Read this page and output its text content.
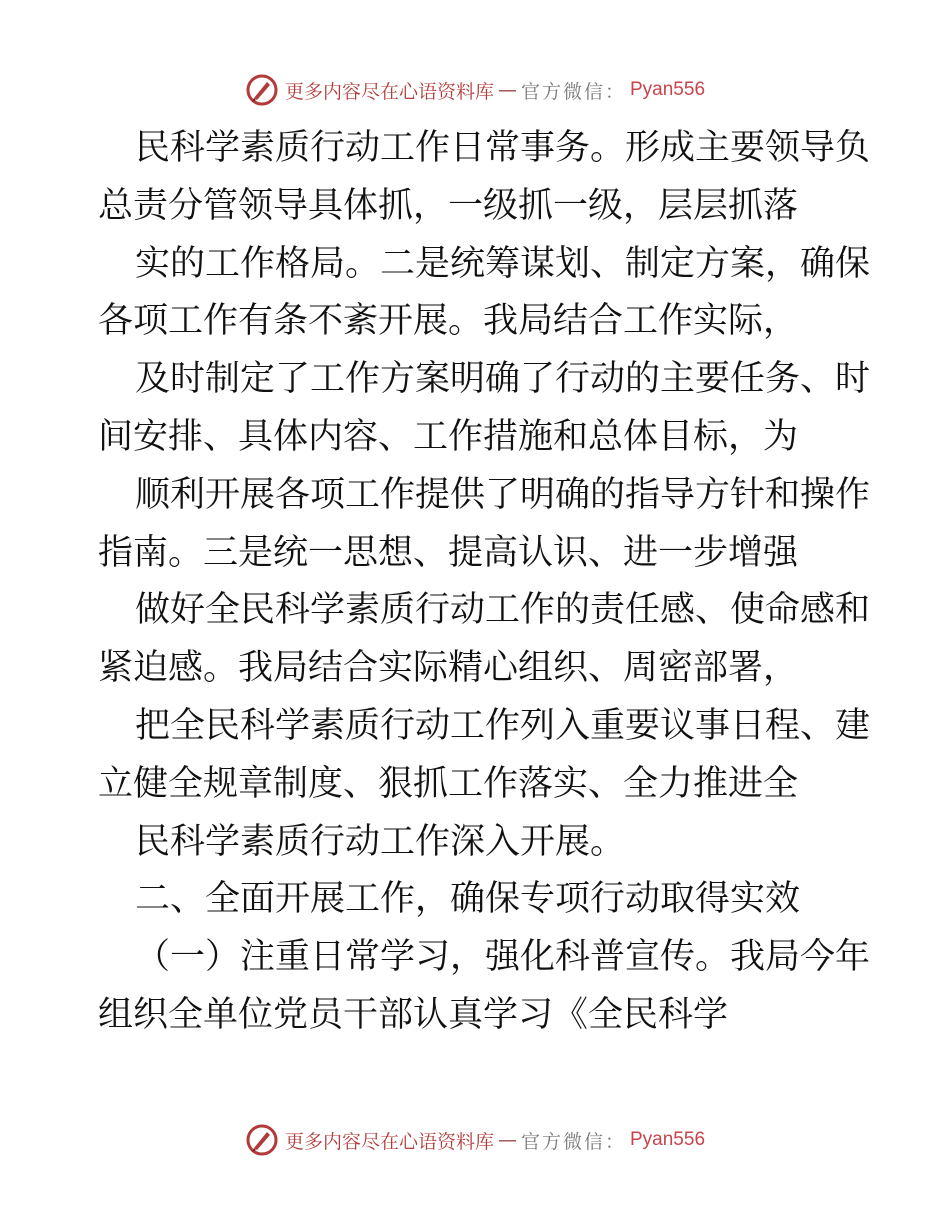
更多内容尽在心语资料库 — 官方微信： Pyan556
民科学素质行动工作日常事务。形成主要领导负
总责分管领导具体抓，一级抓一级，层层抓落
实的工作格局。二是统筹谋划、制定方案，确保
各项工作有条不紊开展。我局结合工作实际，
及时制定了工作方案明确了行动的主要任务、时
间安排、具体内容、工作措施和总体目标，为
顺利开展各项工作提供了明确的指导方针和操作
指南。三是统一思想、提高认识、进一步增强
做好全民科学素质行动工作的责任感、使命感和
紧迫感。我局结合实际精心组织、周密部署，
把全民科学素质行动工作列入重要议事日程、建
立健全规章制度、狠抓工作落实、全力推进全
民科学素质行动工作深入开展。
二、全面开展工作，确保专项行动取得实效
（一）注重日常学习，强化科普宣传。我局今年
组织全单位党员干部认真学习《全民科学
更多内容尽在心语资料库 — 官方微信： Pyan556
